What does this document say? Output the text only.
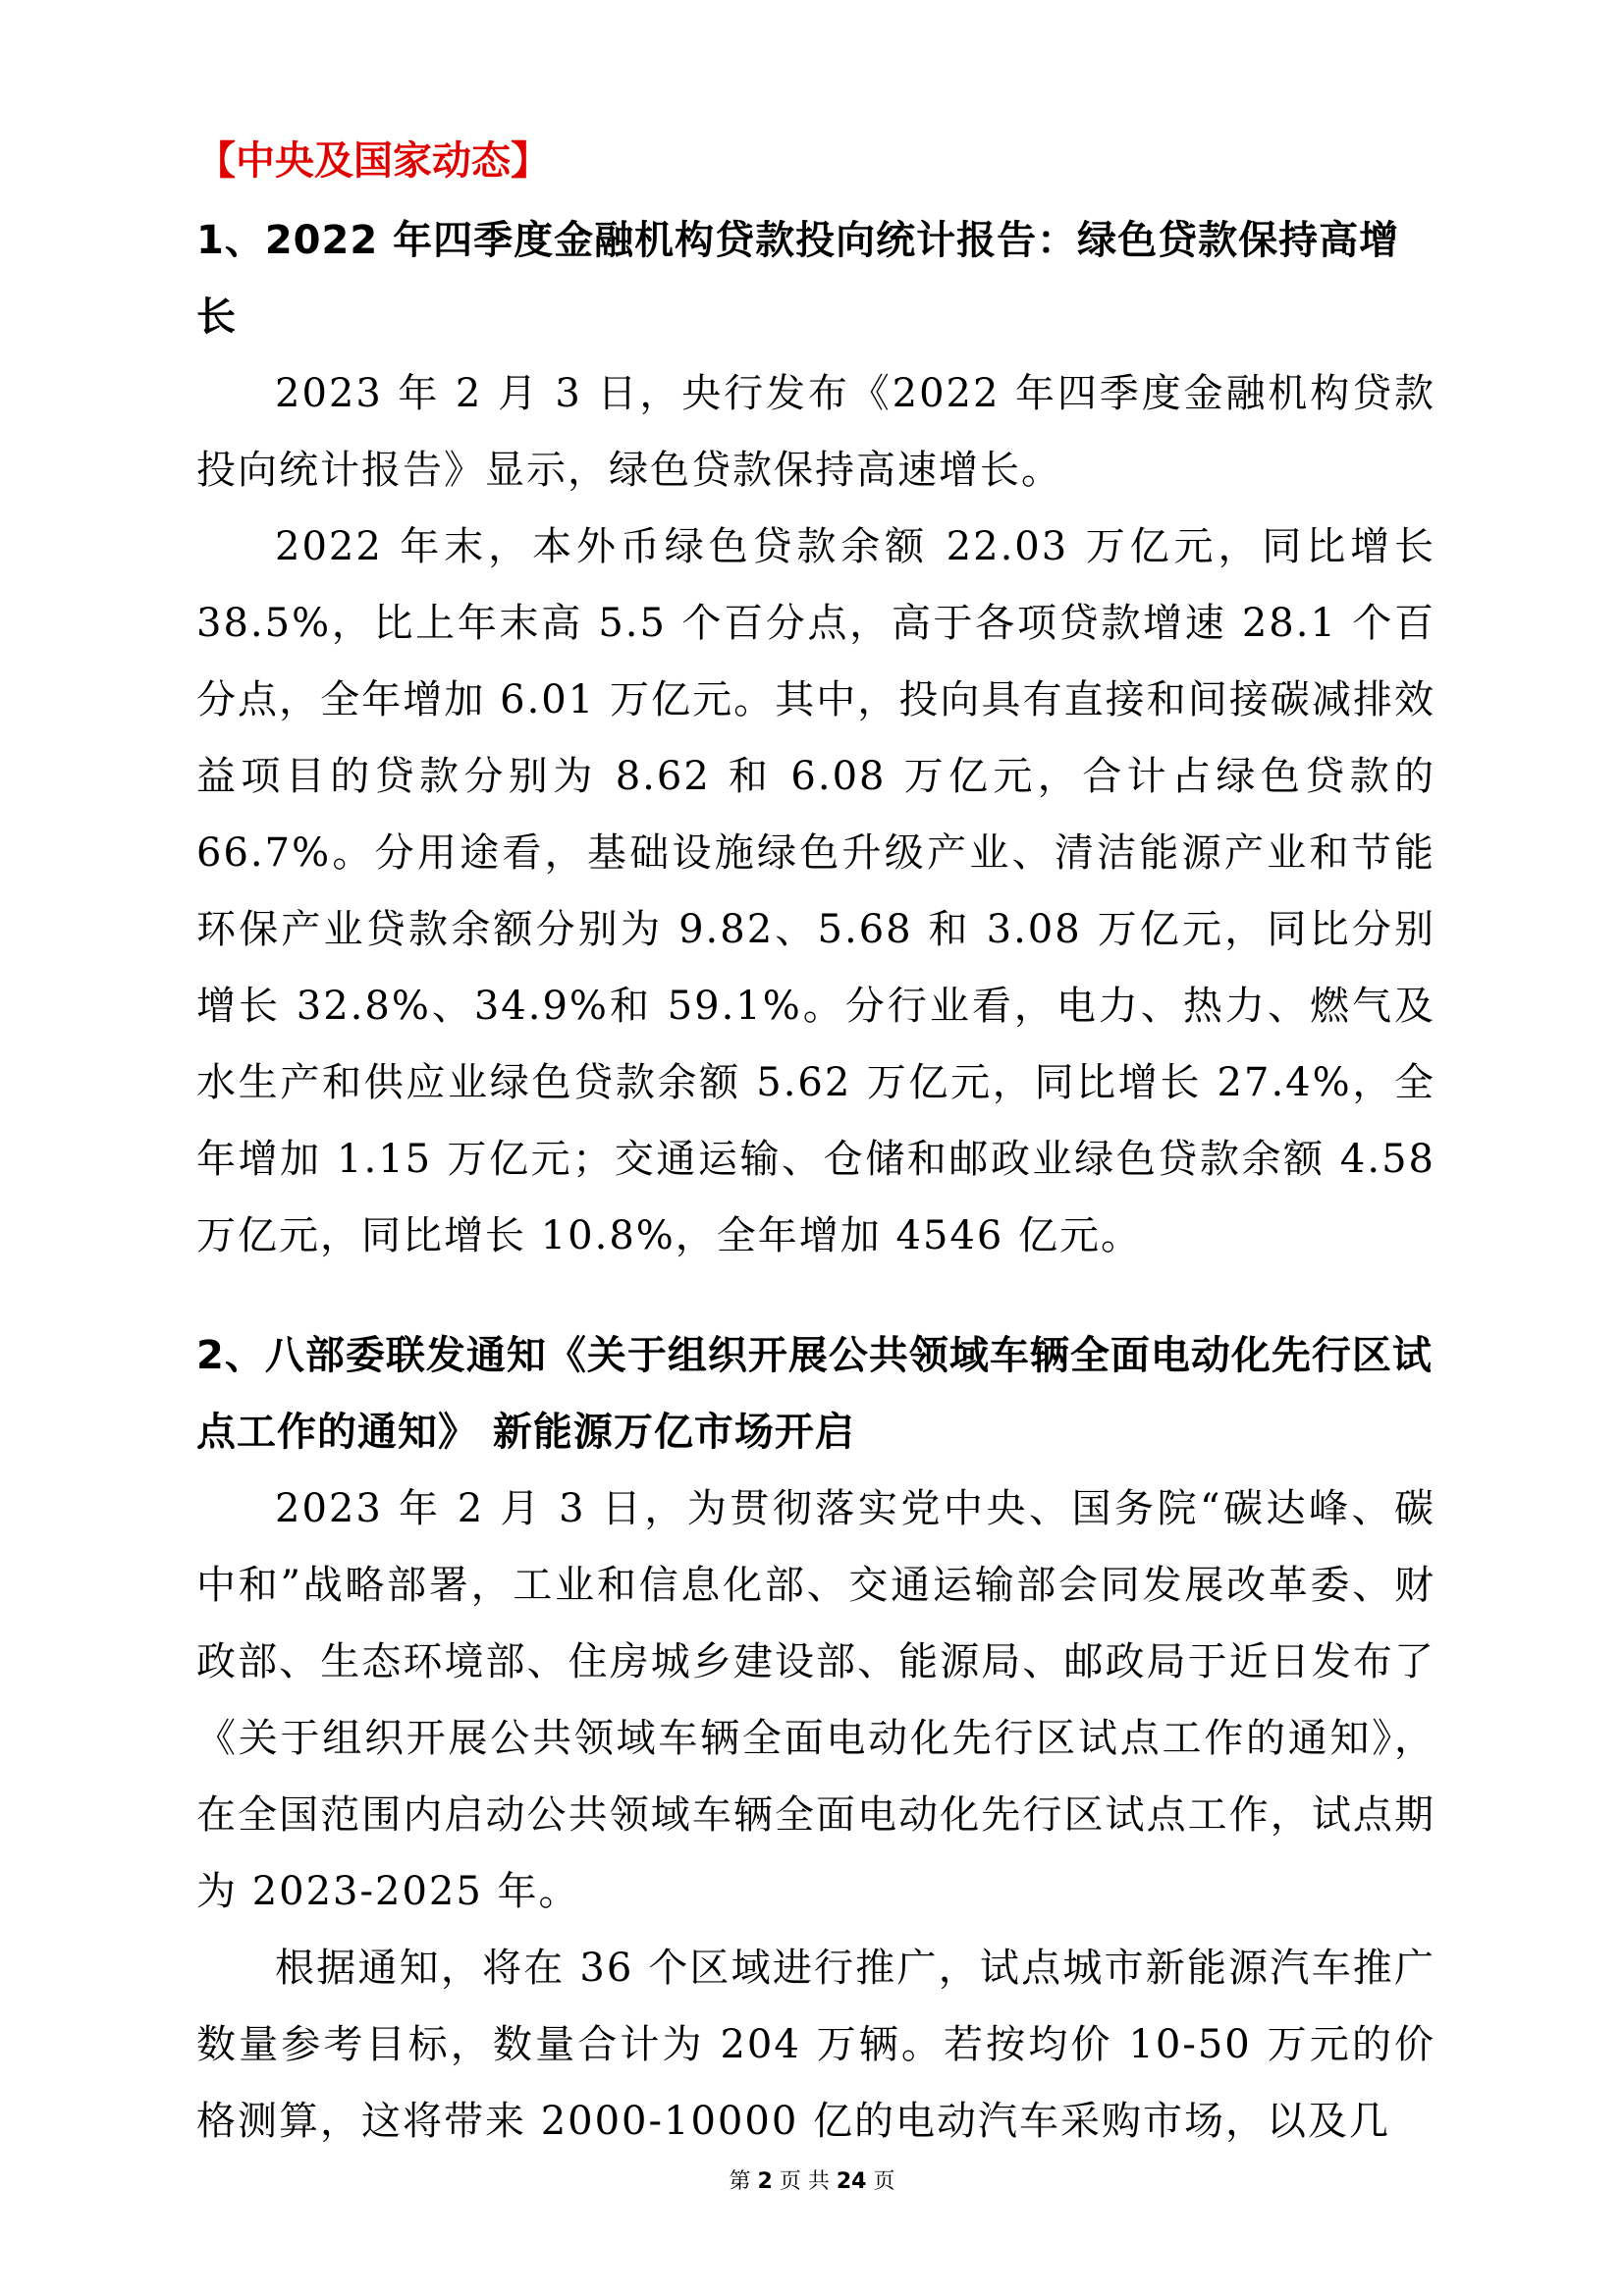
【中央及国家动态】

1、2022 年四季度金融机构贷款投向统计报告：绿色贷款保持高增长

2023 年 2 月 3 日，央行发布《2022 年四季度金融机构贷款投向统计报告》显示，绿色贷款保持高速增长。

2022 年末，本外币绿色贷款余额 22.03 万亿元，同比增长 38.5%，比上年末高 5.5 个百分点，高于各项贷款增速 28.1 个百分点，全年增加 6.01 万亿元。其中，投向具有直接和间接碳减排效益项目的贷款分别为 8.62 和 6.08 万亿元，合计占绿色贷款的 66.7%。分用途看，基础设施绿色升级产业、清洁能源产业和节能环保产业贷款余额分别为 9.82、5.68 和 3.08 万亿元，同比分别增长 32.8%、34.9%和 59.1%。分行业看，电力、热力、燃气及水生产和供应业绿色贷款余额 5.62 万亿元，同比增长 27.4%，全年增加 1.15 万亿元；交通运输、仓储和邮政业绿色贷款余额 4.58 万亿元，同比增长 10.8%，全年增加 4546 亿元。

2、八部委联发通知《关于组织开展公共领域车辆全面电动化先行区试点工作的通知》 新能源万亿市场开启

2023 年 2 月 3 日，为贯彻落实党中央、国务院“碳达峰、碳中和”战略部署，工业和信息化部、交通运输部会同发展改革委、财政部、生态环境部、住房城乡建设部、能源局、邮政局于近日发布了《关于组织开展公共领域车辆全面电动化先行区试点工作的通知》，在全国范围内启动公共领域车辆全面电动化先行区试点工作，试点期为 2023-2025 年。

根据通知，将在 36 个区域进行推广，试点城市新能源汽车推广数量参考目标，数量合计为 204 万辆。若按均价 10-50 万元的价格测算，这将带来 2000-10000 亿的电动汽车采购市场，以及几

第 2 页 共 24 页
